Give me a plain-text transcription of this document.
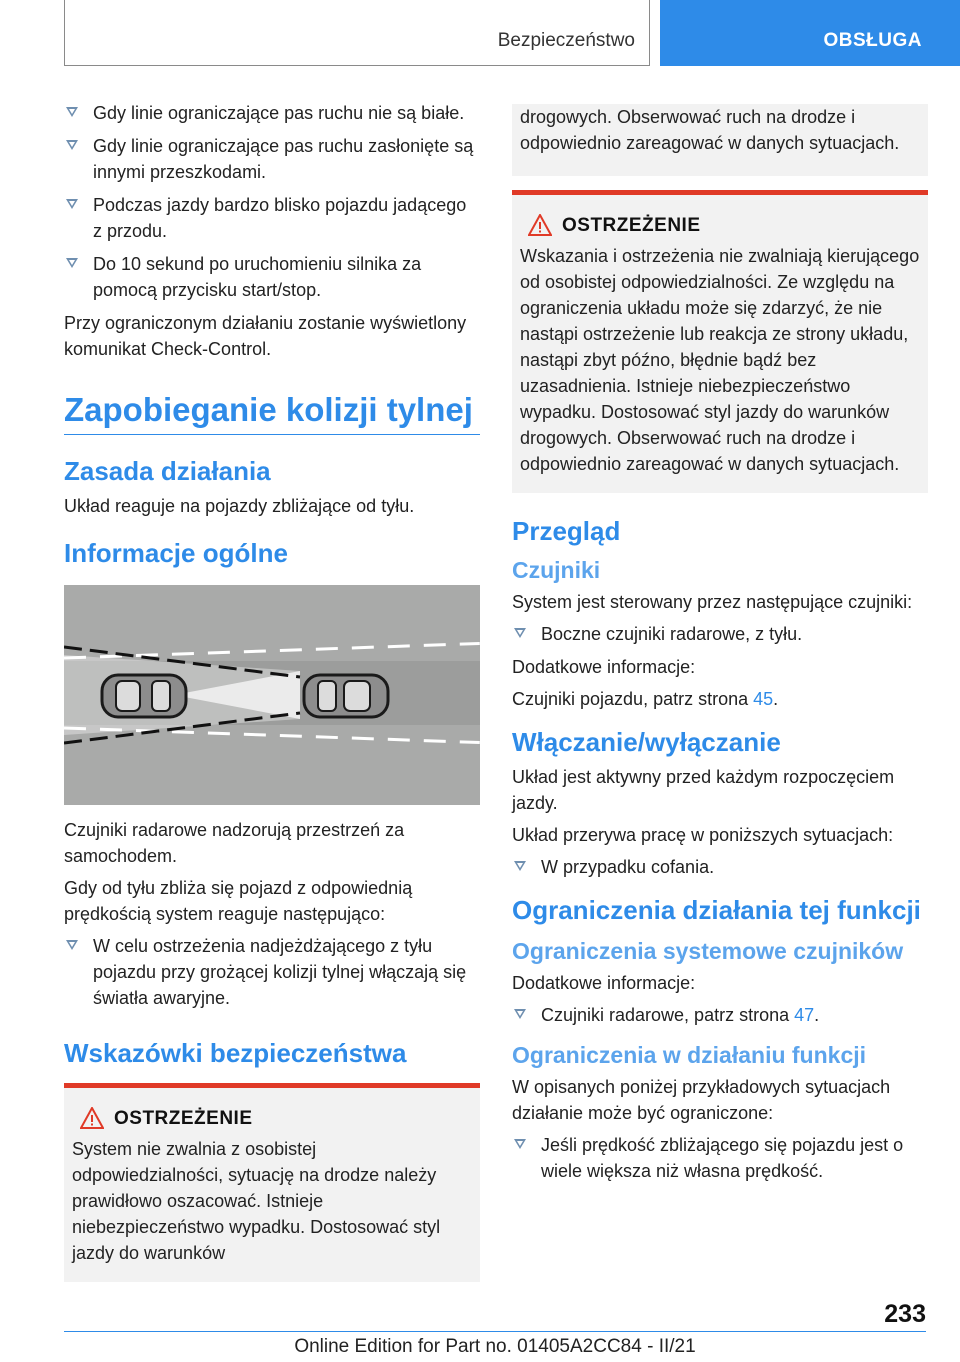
Bezpieczeństwo	OBSŁUGA
Gdy linie ograniczające pas ruchu nie są białe.
Gdy linie ograniczające pas ruchu zasłonięte są innymi przeszkodami.
Podczas jazdy bardzo blisko pojazdu jadącego z przodu.
Do 10 sekund po uruchomieniu silnika za pomocą przycisku start/stop.

Przy ograniczonym działaniu zostanie wyświetlony komunikat Check-Control.

Zapobieganie kolizji tylnej
Zasada działania

Układ reaguje na pojazdy zbliżające od tyłu.

Informacje ogólne

Czujniki radarowe nadzorują przestrzeń za samochodem.

Gdy od tyłu zbliża się pojazd z odpowiednią prędkością system reaguje następująco:

W celu ostrzeżenia nadjeżdżającego z tyłu pojazdu przy grożącej kolizji tylnej włączają się światła awaryjne.
Wskazówki bezpieczeństwa
OSTRZEŻENIE

System nie zwalnia z osobistej odpowiedzialności, sytuację na drodze należy prawidłowo oszacować. Istnieje niebezpieczeństwo wypadku. Dostosować styl jazdy do warunków

drogowych. Obserwować ruch na drodze i odpowiednio zareagować w danych sytuacjach.

OSTRZEŻENIE

Wskazania i ostrzeżenia nie zwalniają kierującego od osobistej odpowiedzialności. Ze względu na ograniczenia układu może się zdarzyć, że nie nastąpi ostrzeżenie lub reakcja ze strony układu, nastąpi zbyt późno, błędnie bądź bez uzasadnienia. Istnieje niebezpieczeństwo wypadku. Dostosować styl jazdy do warunków drogowych. Obserwować ruch na drodze i odpowiednio zareagować w danych sytuacjach.

Przegląd
Czujniki

System jest sterowany przez następujące czujniki:

Boczne czujniki radarowe, z tyłu.

Dodatkowe informacje:

Czujniki pojazdu, patrz strona 45.

Włączanie/wyłączanie

Układ jest aktywny przed każdym rozpoczęciem jazdy.

Układ przerywa pracę w poniższych sytuacjach:

W przypadku cofania.
Ograniczenia działania tej funkcji
Ograniczenia systemowe czujników

Dodatkowe informacje:

Czujniki radarowe, patrz strona 47.
Ograniczenia w działaniu funkcji

W opisanych poniżej przykładowych sytuacjach działanie może być ograniczone:

Jeśli prędkość zbliżającego się pojazdu jest o wiele większa niż własna prędkość.
233
Online Edition for Part no. 01405A2CC84 - II/21
